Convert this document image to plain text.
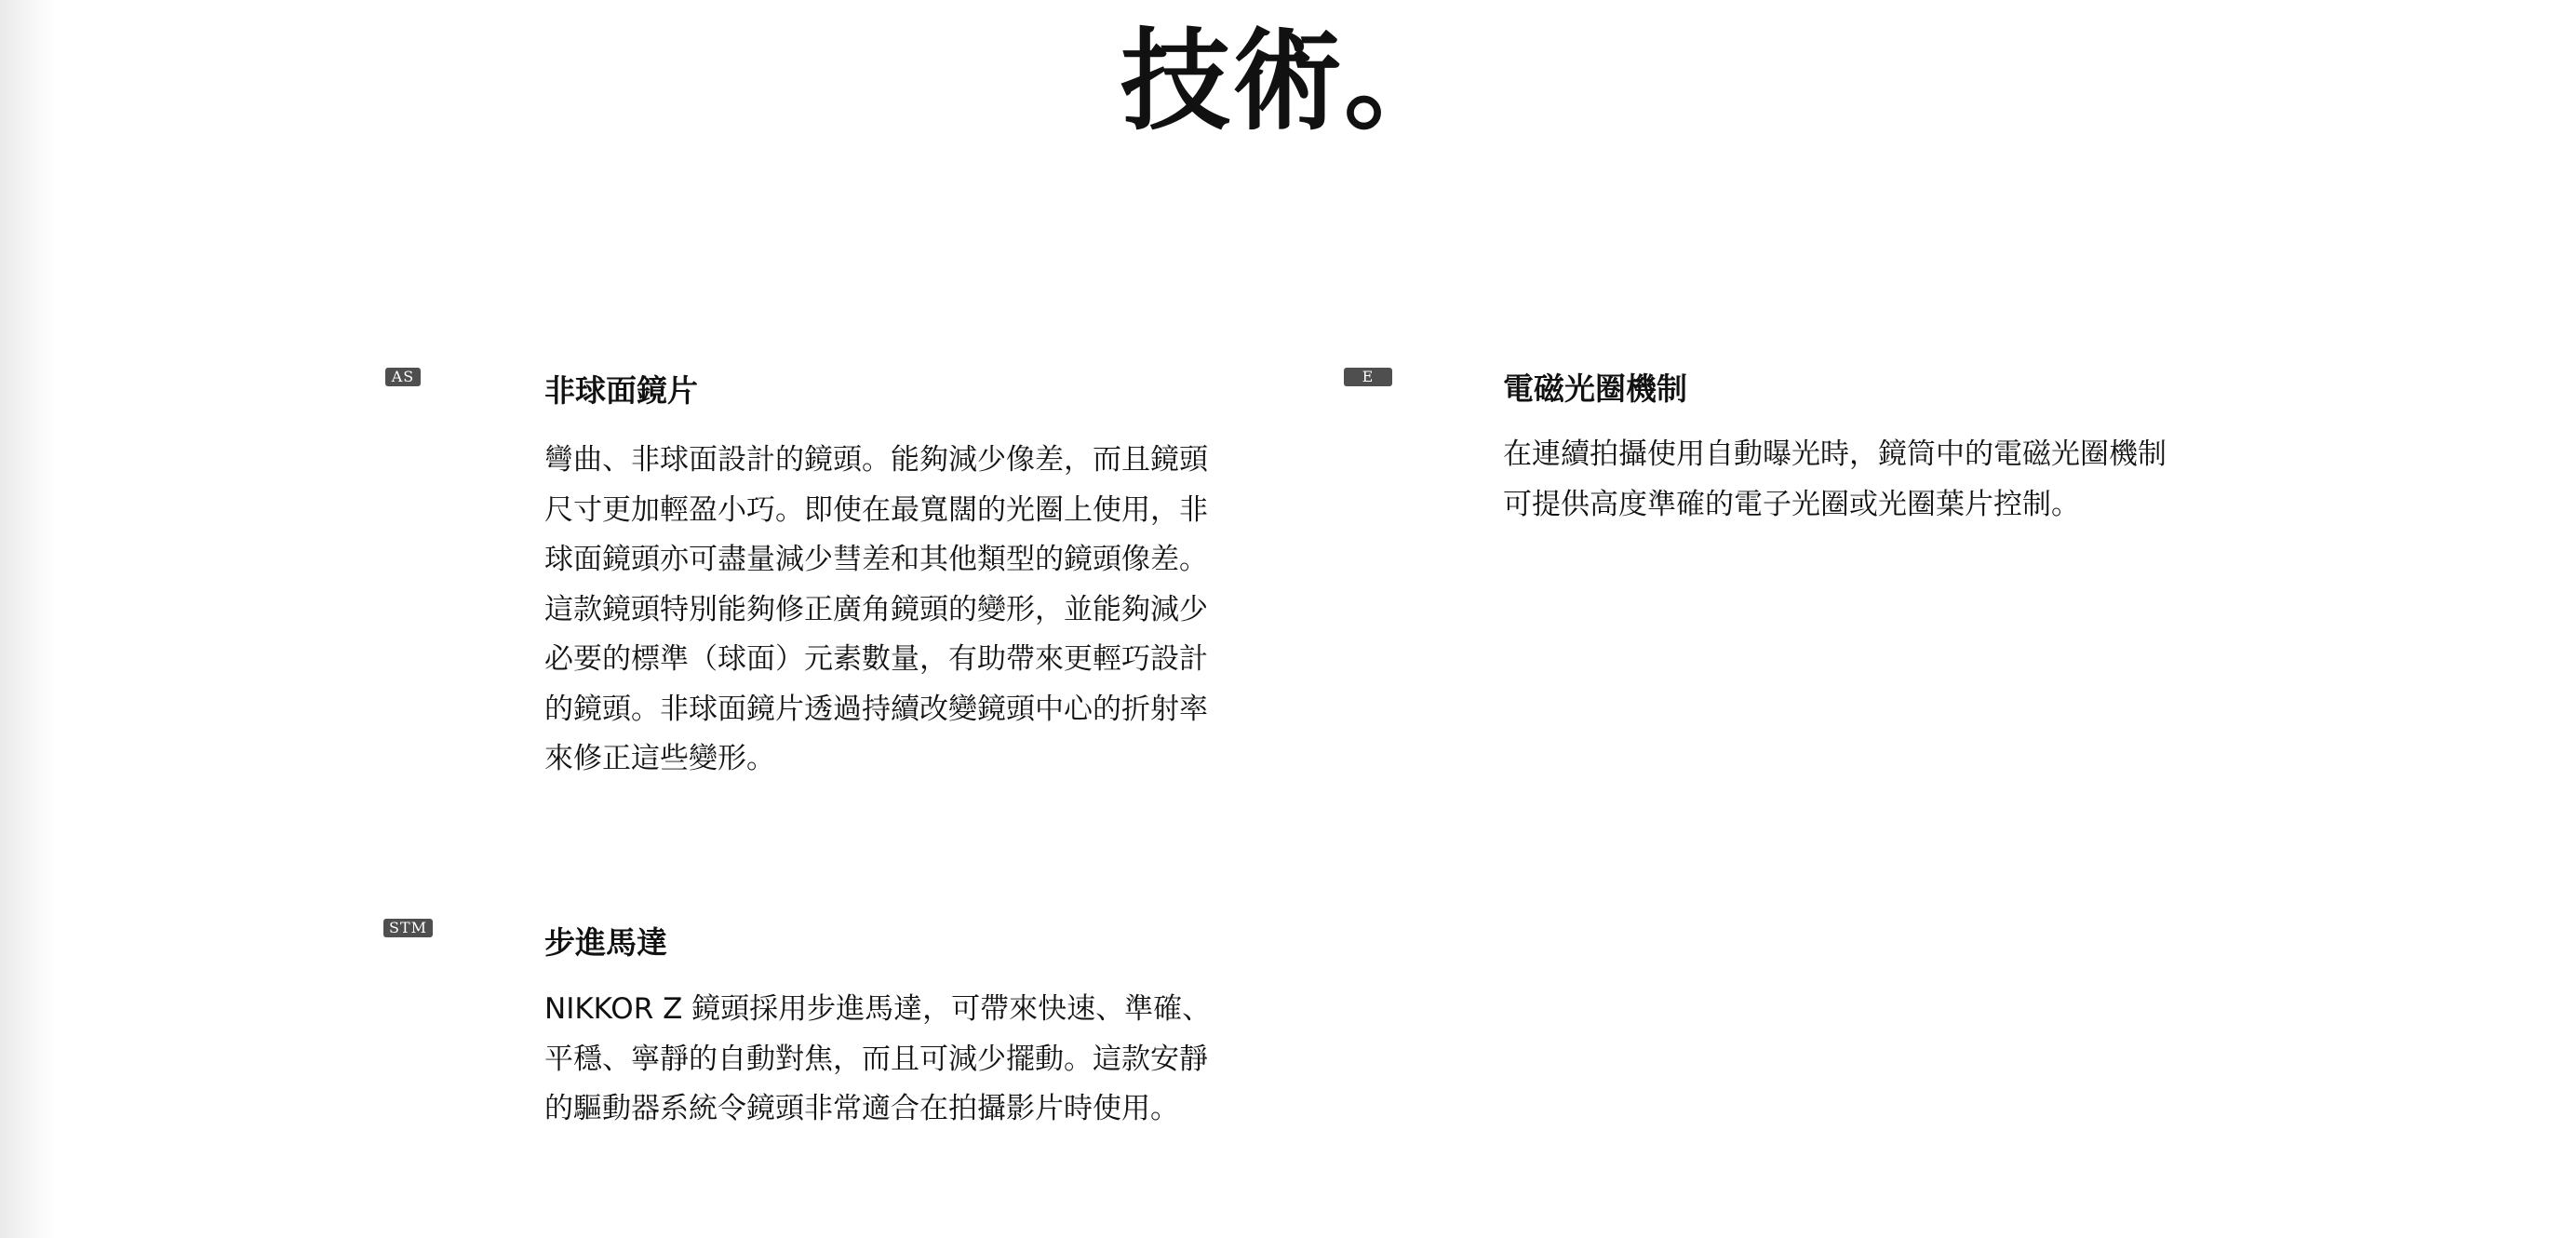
技術。
AS	非球面鏡片
彎曲、非球面設計的鏡頭。能夠減少像差，而且鏡頭尺寸更加輕盈小巧。即使在最寬闊的光圈上使用，非球面鏡頭亦可盡量減少彗差和其他類型的鏡頭像差。這款鏡頭特別能夠修正廣角鏡頭的變形，並能夠減少必要的標準（球面）元素數量，有助帶來更輕巧設計的鏡頭。非球面鏡片透過持續改變鏡頭中心的折射率來修正這些變形。
E	電磁光圈機制
在連續拍攝使用自動曝光時，鏡筒中的電磁光圈機制可提供高度準確的電子光圈或光圈葉片控制。
STM	步進馬達
NIKKOR Z 鏡頭採用步進馬達，可帶來快速、準確、平穩、寧靜的自動對焦，而且可減少擺動。這款安靜的驅動器系統令鏡頭非常適合在拍攝影片時使用。
